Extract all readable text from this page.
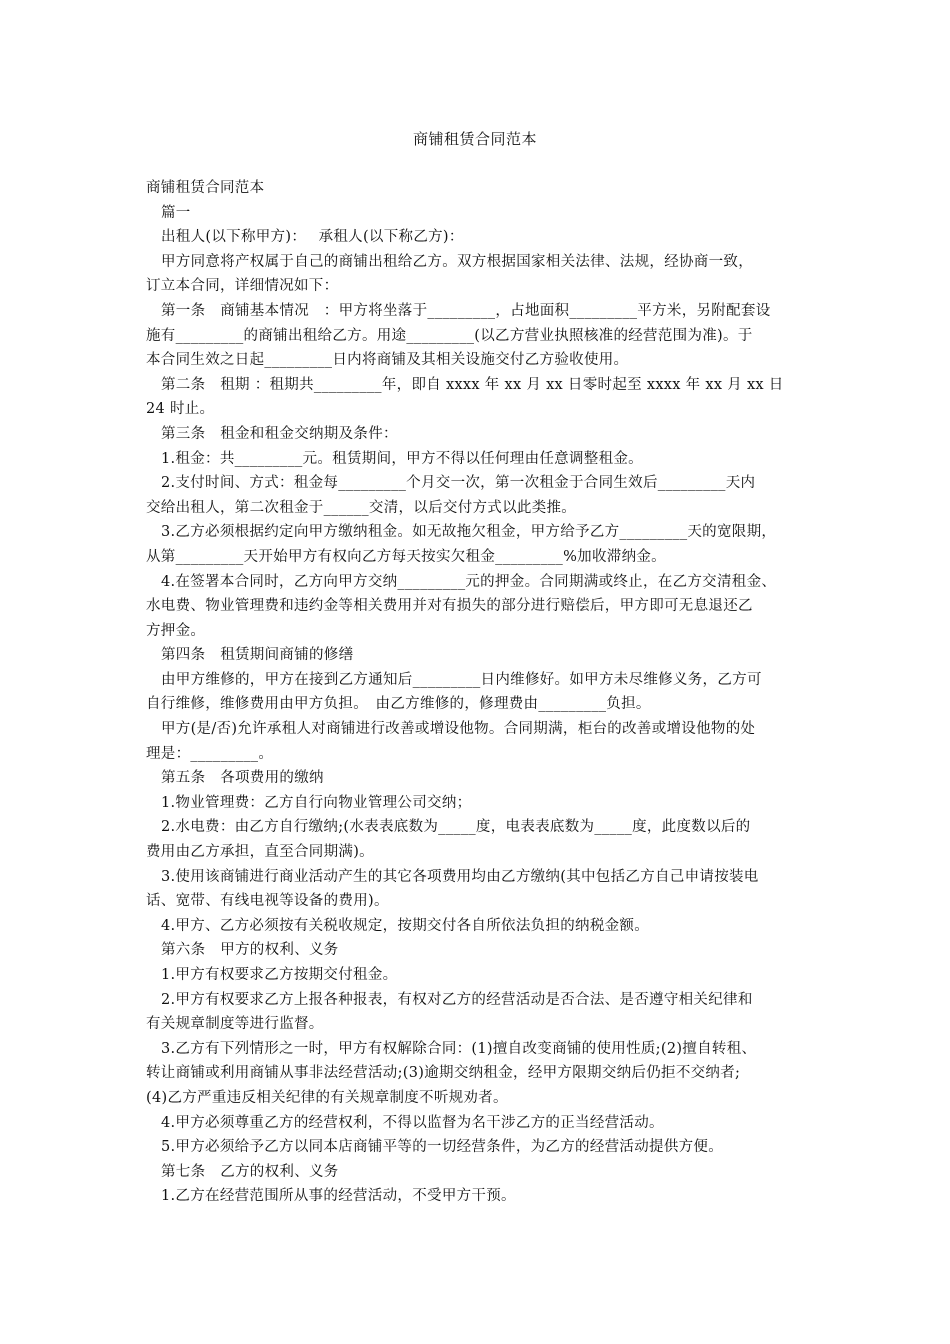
商铺租赁合同范本
商铺租赁合同范本
篇一
出租人(以下称甲方)：　 承租人(以下称乙方)：
甲方同意将产权属于自己的商铺出租给乙方。双方根据国家相关法律、法规，经协商一致，
订立本合同，详细情况如下：
第一条　商铺基本情况　：甲方将坐落于_________，占地面积_________平方米，另附配套设
施有_________的商铺出租给乙方。用途_________(以乙方营业执照核准的经营范围为准)。于
本合同生效之日起_________日内将商铺及其相关设施交付乙方验收使用。
第二条　租期 ：租期共_________年，即自 xxxx 年 xx 月 xx 日零时起至 xxxx 年 xx 月 xx 日
24 时止。
第三条　租金和租金交纳期及条件：
1.租金：共_________元。租赁期间，甲方不得以任何理由任意调整租金。
2.支付时间、方式：租金每_________个月交一次，第一次租金于合同生效后_________天内
交给出租人，第二次租金于______交清，以后交付方式以此类推。
3.乙方必须根据约定向甲方缴纳租金。如无故拖欠租金，甲方给予乙方_________天的宽限期，
从第_________天开始甲方有权向乙方每天按实欠租金_________%加收滞纳金。
4.在签署本合同时，乙方向甲方交纳_________元的押金。合同期满或终止，在乙方交清租金、
水电费、物业管理费和违约金等相关费用并对有损失的部分进行赔偿后，甲方即可无息退还乙
方押金。
第四条　租赁期间商铺的修缮
由甲方维修的，甲方在接到乙方通知后_________日内维修好。如甲方未尽维修义务，乙方可
自行维修，维修费用由甲方负担。　由乙方维修的，修理费由_________负担。
甲方(是/否)允许承租人对商铺进行改善或增设他物。合同期满，柜台的改善或增设他物的处
理是：_________。
第五条　各项费用的缴纳
1.物业管理费：乙方自行向物业管理公司交纳；
2.水电费：由乙方自行缴纳;(水表表底数为_____度，电表表底数为_____度，此度数以后的
费用由乙方承担，直至合同期满)。
3.使用该商铺进行商业活动产生的其它各项费用均由乙方缴纳(其中包括乙方自己申请按装电
话、宽带、有线电视等设备的费用)。
4.甲方、乙方必须按有关税收规定，按期交付各自所依法负担的纳税金额。
第六条　甲方的权利、义务
1.甲方有权要求乙方按期交付租金。
2.甲方有权要求乙方上报各种报表，有权对乙方的经营活动是否合法、是否遵守相关纪律和
有关规章制度等进行监督。
3.乙方有下列情形之一时，甲方有权解除合同：(1)擅自改变商铺的使用性质;(2)擅自转租、
转让商铺或利用商铺从事非法经营活动;(3)逾期交纳租金，经甲方限期交纳后仍拒不交纳者;
(4)乙方严重违反相关纪律的有关规章制度不听规劝者。
4.甲方必须尊重乙方的经营权利，不得以监督为名干涉乙方的正当经营活动。
5.甲方必须给予乙方以同本店商铺平等的一切经营条件，为乙方的经营活动提供方便。
第七条　乙方的权利、义务
1.乙方在经营范围所从事的经营活动，不受甲方干预。
